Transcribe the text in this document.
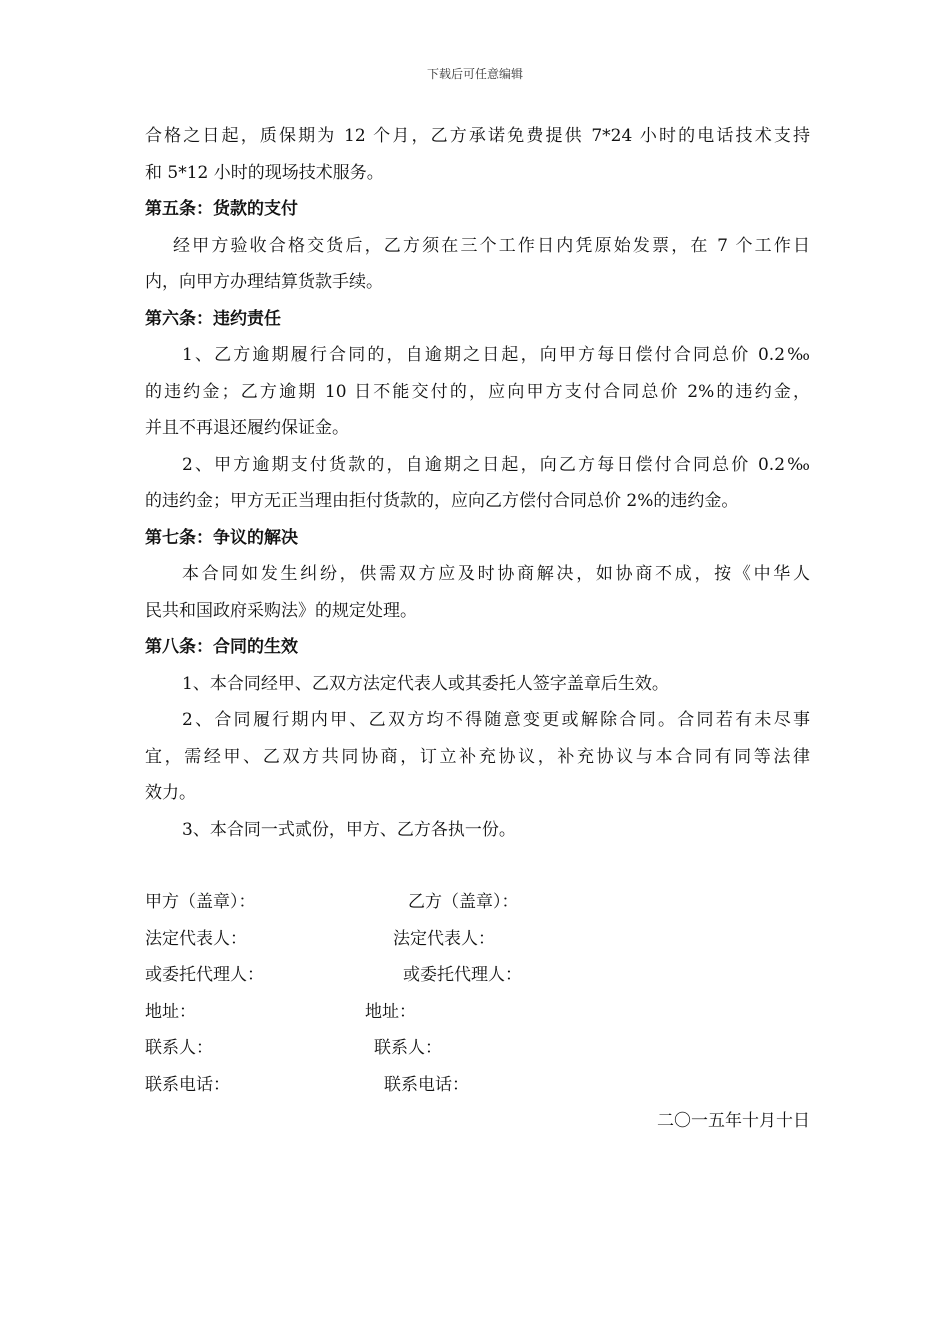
下载后可任意编辑
合格之日起，质保期为 12 个月，乙方承诺免费提供 7*24 小时的电话技术支持
和 5*12 小时的现场技术服务。
第五条：货款的支付
经甲方验收合格交货后，乙方须在三个工作日内凭原始发票，在 7 个工作日
内，向甲方办理结算货款手续。
第六条：违约责任
1、乙方逾期履行合同的，自逾期之日起，向甲方每日偿付合同总价 0.2‰
的违约金；乙方逾期 10 日不能交付的，应向甲方支付合同总价 2%的违约金，
并且不再退还履约保证金。
2、甲方逾期支付货款的，自逾期之日起，向乙方每日偿付合同总价 0.2‰
的违约金；甲方无正当理由拒付货款的，应向乙方偿付合同总价 2%的违约金。
第七条：争议的解决
本合同如发生纠纷，供需双方应及时协商解决，如协商不成，按《中华人
民共和国政府采购法》的规定处理。
第八条：合同的生效
1、本合同经甲、乙双方法定代表人或其委托人签字盖章后生效。
2、合同履行期内甲、乙双方均不得随意变更或解除合同。合同若有未尽事
宜，需经甲、乙双方共同协商，订立补充协议，补充协议与本合同有同等法律
效力。
3、本合同一式贰份，甲方、乙方各执一份。
甲方（盖章）：	乙方（盖章）：
法定代表人：	法定代表人：
或委托代理人：	或委托代理人：
地址：	地址：
联系人：	联系人：
联系电话：	联系电话：
二〇一五年十月十日
